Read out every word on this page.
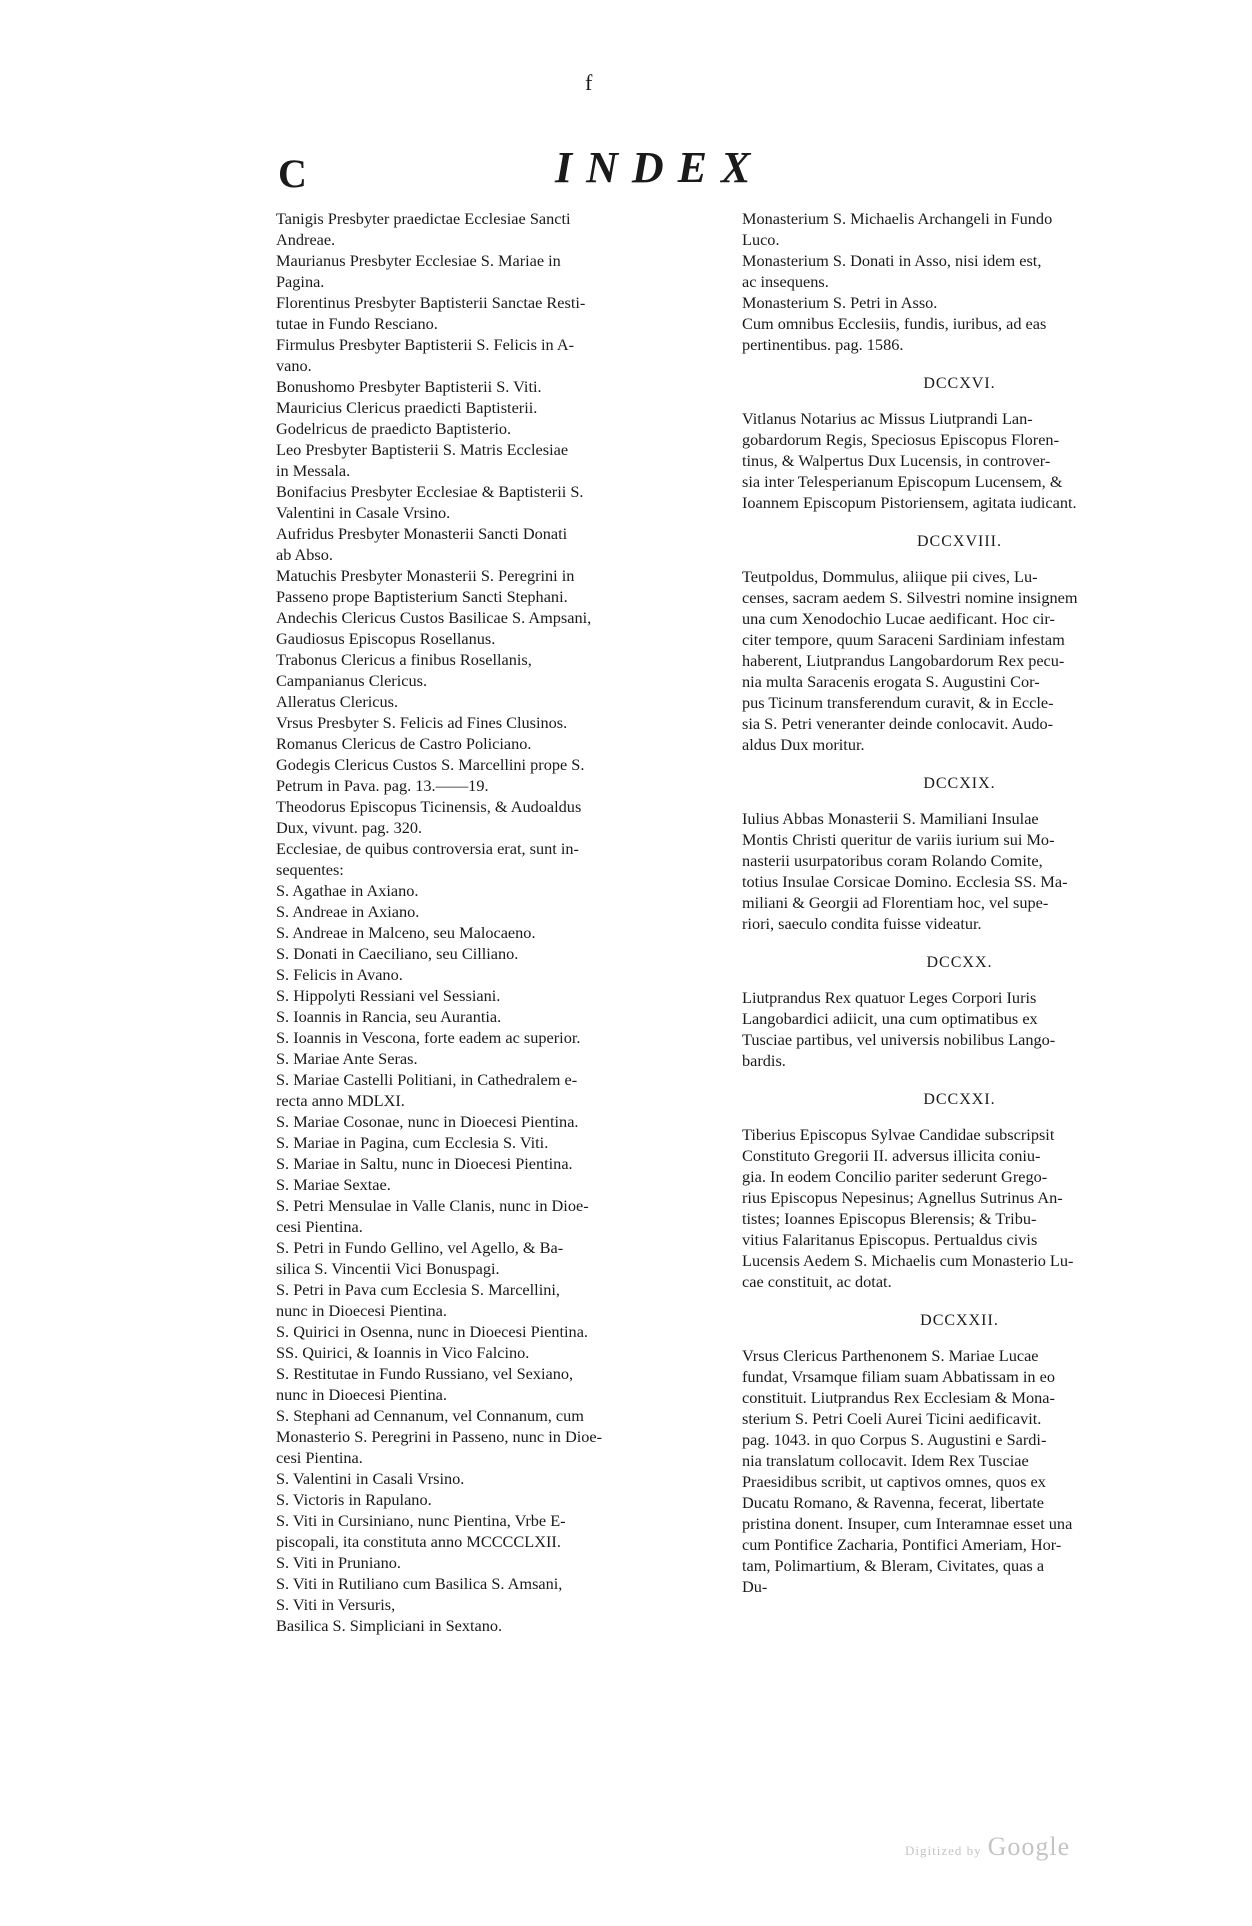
f
C	INDEX
Tanigis Presbyter praedictae Ecclesiae Sancti
Andreae.
Maurianus Presbyter Ecclesiae S. Mariae in
Pagina.
Florentinus Presbyter Baptisterii Sanctae Resti-
tutae in Fundo Resciano.
Firmulus Presbyter Baptisterii S. Felicis in A-
vano.
Bonushomo Presbyter Baptisterii S. Viti.
Mauricius Clericus praedicti Baptisterii.
Godelricus de praedicto Baptisterio.
Leo Presbyter Baptisterii S. Matris Ecclesiae
in Messala.
Bonifacius Presbyter Ecclesiae & Baptisterii S.
Valentini in Casale Vrsino.
Aufridus Presbyter Monasterii Sancti Donati
ab Abso.
Matuchis Presbyter Monasterii S. Peregrini in
Passeno prope Baptisterium Sancti Stephani.
Andechis Clericus Custos Basilicae S. Ampsani,
Gaudiosus Episcopus Rosellanus.
Trabonus Clericus a finibus Rosellanis,
Campanianus Clericus.
Alleratus Clericus.
Vrsus Presbyter S. Felicis ad Fines Clusinos.
Romanus Clericus de Castro Policiano.
Godegis Clericus Custos S. Marcellini prope S.
Petrum in Pava. pag. 13.——19.
Theodorus Episcopus Ticinensis, & Audoaldus
Dux, vivunt. pag. 320.
Ecclesiae, de quibus controversia erat, sunt in-
sequentes:
S. Agathae in Axiano.
S. Andreae in Axiano.
S. Andreae in Malceno, seu Malocaeno.
S. Donati in Caeciliano, seu Cilliano.
S. Felicis in Avano.
S. Hippolyti Ressiani vel Sessiani.
S. Ioannis in Rancia, seu Aurantia.
S. Ioannis in Vescona, forte eadem ac superior.
S. Mariae Ante Seras.
S. Mariae Castelli Politiani, in Cathedralem e-
recta anno MDLXI.
S. Mariae Cosonae, nunc in Dioecesi Pientina.
S. Mariae in Pagina, cum Ecclesia S. Viti.
S. Mariae in Saltu, nunc in Dioecesi Pientina.
S. Mariae Sextae.
S. Petri Mensulae in Valle Clanis, nunc in Dioe-
cesi Pientina.
S. Petri in Fundo Gellino, vel Agello, & Ba-
silica S. Vincentii Vici Bonuspagi.
S. Petri in Pava cum Ecclesia S. Marcellini,
nunc in Dioecesi Pientina.
S. Quirici in Osenna, nunc in Dioecesi Pientina.
SS. Quirici, & Ioannis in Vico Falcino.
S. Restitutae in Fundo Russiano, vel Sexiano,
nunc in Dioecesi Pientina.
S. Stephani ad Cennanum, vel Connanum, cum
Monasterio S. Peregrini in Passeno, nunc in Dioe-
cesi Pientina.
S. Valentini in Casali Vrsino.
S. Victoris in Rapulano.
S. Viti in Cursiniano, nunc Pientina, Vrbe E-
piscopali, ita constituta anno MCCCCLXII.
S. Viti in Pruniano.
S. Viti in Rutiliano cum Basilica S. Amsani,
S. Viti in Versuris,
Basilica S. Simpliciani in Sextano.
Monasterium S. Michaelis Archangeli in Fundo
Luco.
Monasterium S. Donati in Asso, nisi idem est,
ac insequens.
Monasterium S. Petri in Asso.
Cum omnibus Ecclesiis, fundis, iuribus, ad eas
pertinentibus. pag. 1586.
DCCXVI.
Vitlanus Notarius ac Missus Liutprandi Lan-
gobardorum Regis, Speciosus Episcopus Floren-
tinus, & Walpertus Dux Lucensis, in controver-
sia inter Telesperianum Episcopum Lucensem, &
Ioannem Episcopum Pistoriensem, agitata iudicant.
DCCXVIII.
Teutpoldus, Dommulus, aliique pii cives, Lu-
censes, sacram aedem S. Silvestri nomine insignem
una cum Xenodochio Lucae aedificant. Hoc cir-
citer tempore, quum Saraceni Sardiniam infestam
haberent, Liutprandus Langobardorum Rex pecu-
nia multa Saracenis erogata S. Augustini Cor-
pus Ticinum transferendum curavit, & in Eccle-
sia S. Petri veneranter deinde conlocavit. Audo-
aldus Dux moritur.
DCCXIX.
Iulius Abbas Monasterii S. Mamiliani Insulae
Montis Christi queritur de variis iurium sui Mo-
nasterii usurpatoribus coram Rolando Comite,
totius Insulae Corsicae Domino. Ecclesia SS. Ma-
miliani & Georgii ad Florentiam hoc, vel supe-
riori, saeculo condita fuisse videatur.
DCCXX.
Liutprandus Rex quatuor Leges Corpori Iuris
Langobardici adiicit, una cum optimatibus ex
Tusciae partibus, vel universis nobilibus Lango-
bardis.
DCCXXI.
Tiberius Episcopus Sylvae Candidae subscripsit
Constituto Gregorii II. adversus illicita coniu-
gia. In eodem Concilio pariter sederunt Grego-
rius Episcopus Nepesinus; Agnellus Sutrinus An-
tistes; Ioannes Episcopus Blerensis; & Tribu-
vitius Falaritanus Episcopus. Pertualdus civis
Lucensis Aedem S. Michaelis cum Monasterio Lu-
cae constituit, ac dotat.
DCCXXII.
Vrsus Clericus Parthenonem S. Mariae Lucae
fundat, Vrsamque filiam suam Abbatissam in eo
constituit. Liutprandus Rex Ecclesiam & Mona-
sterium S. Petri Coeli Aurei Ticini aedificavit.
pag. 1043. in quo Corpus S. Augustini e Sardi-
nia translatum collocavit. Idem Rex Tusciae
Praesidibus scribit, ut captivos omnes, quos ex
Ducatu Romano, & Ravenna, fecerat, libertate
pristina donent. Insuper, cum Interamnae esset una
cum Pontifice Zacharia, Pontifici Ameriam, Hor-
tam, Polimartium, & Bleram, Civitates, quas a
Du-
Digitized by Google
